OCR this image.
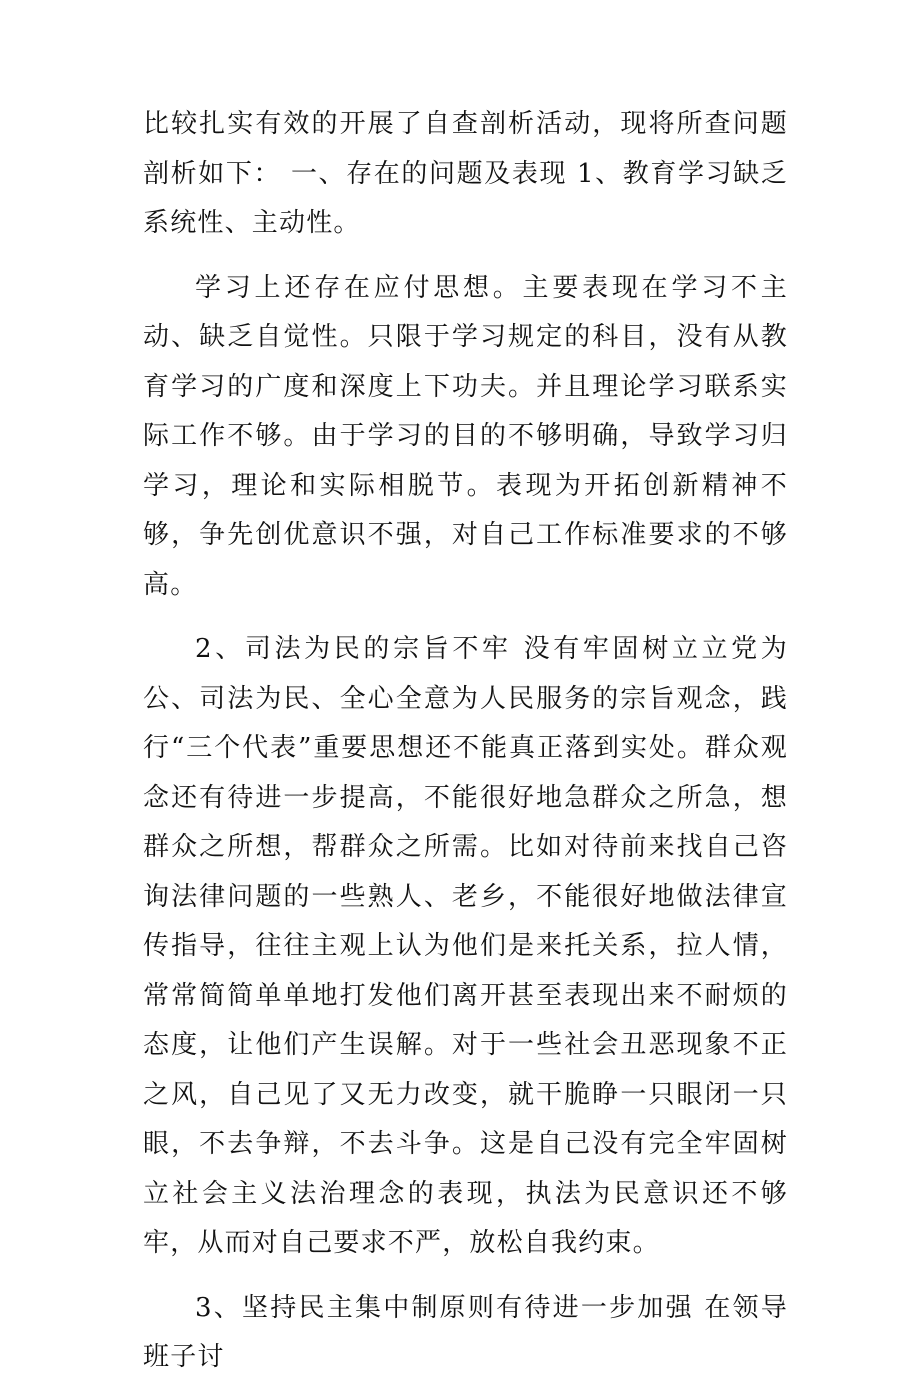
比较扎实有效的开展了自查剖析活动，现将所查问题剖析如下： 一、存在的问题及表现 1、教育学习缺乏系统性、主动性。

学习上还存在应付思想。主要表现在学习不主动、缺乏自觉性。只限于学习规定的科目，没有从教育学习的广度和深度上下功夫。并且理论学习联系实际工作不够。由于学习的目的不够明确，导致学习归学习，理论和实际相脱节。表现为开拓创新精神不够，争先创优意识不强，对自己工作标准要求的不够高。

2、司法为民的宗旨不牢 没有牢固树立立党为公、司法为民、全心全意为人民服务的宗旨观念，践行“三个代表”重要思想还不能真正落到实处。群众观念还有待进一步提高，不能很好地急群众之所急，想群众之所想，帮群众之所需。比如对待前来找自己咨询法律问题的一些熟人、老乡，不能很好地做法律宣传指导，往往主观上认为他们是来托关系，拉人情，常常简简单单地打发他们离开甚至表现出来不耐烦的态度，让他们产生误解。对于一些社会丑恶现象不正之风，自己见了又无力改变，就干脆睁一只眼闭一只眼，不去争辩，不去斗争。这是自己没有完全牢固树立社会主义法治理念的表现，执法为民意识还不够牢，从而对自己要求不严，放松自我约束。

3、坚持民主集中制原则有待进一步加强 在领导班子讨
